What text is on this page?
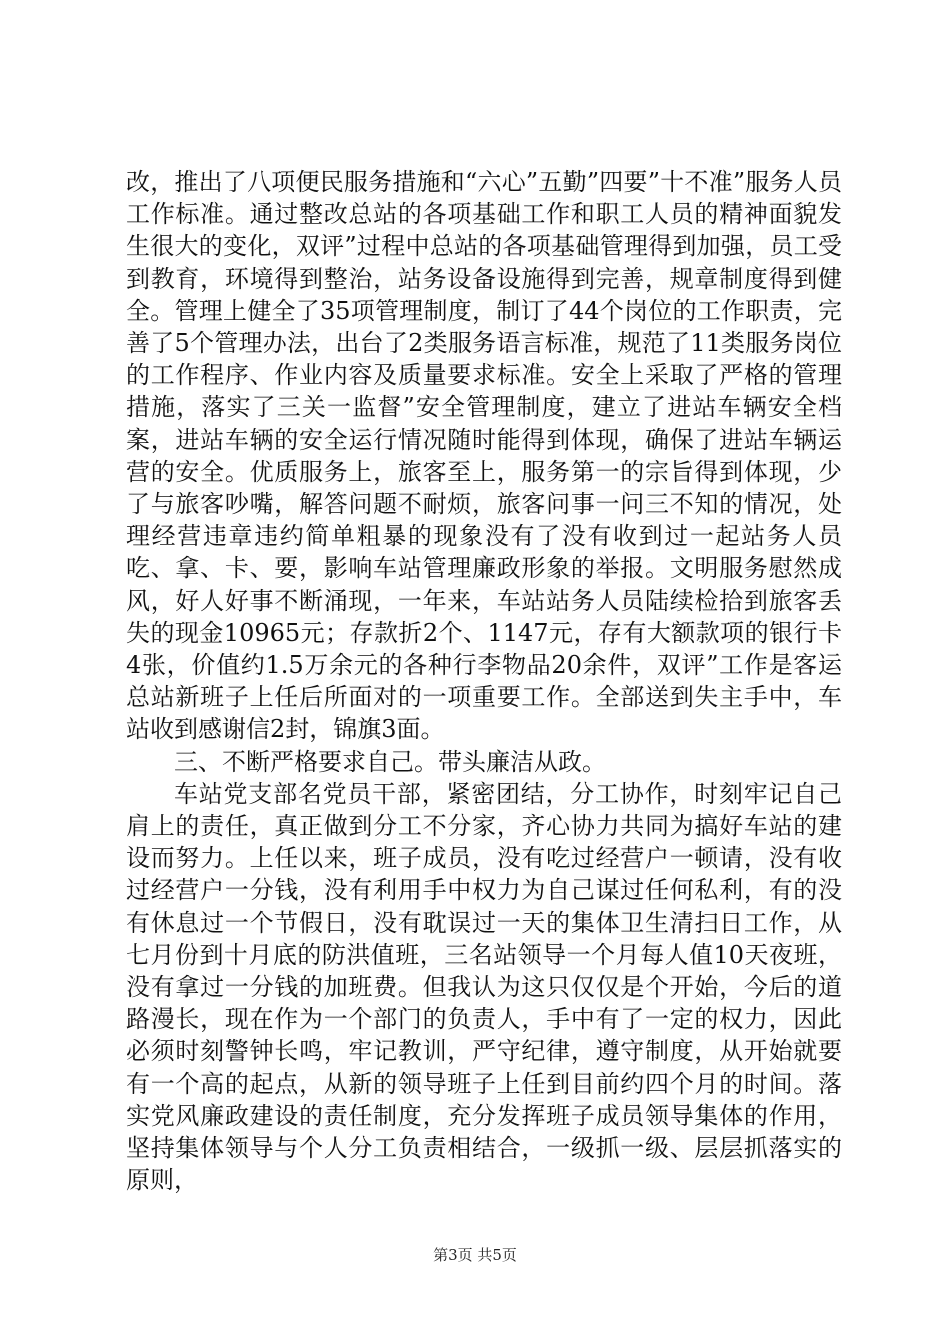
改，推出了八项便民服务措施和“六心”五勤”四要”十不准”服务人员工作标准。通过整改总站的各项基础工作和职工人员的精神面貌发生很大的变化，双评”过程中总站的各项基础管理得到加强，员工受到教育，环境得到整治，站务设备设施得到完善，规章制度得到健全。管理上健全了35项管理制度，制订了44个岗位的工作职责，完善了5个管理办法，出台了2类服务语言标准，规范了11类服务岗位的工作程序、作业内容及质量要求标准。安全上采取了严格的管理措施，落实了三关一监督”安全管理制度，建立了进站车辆安全档案，进站车辆的安全运行情况随时能得到体现，确保了进站车辆运营的安全。优质服务上，旅客至上，服务第一的宗旨得到体现，少了与旅客吵嘴，解答问题不耐烦，旅客问事一问三不知的情况，处理经营违章违约简单粗暴的现象没有了没有收到过一起站务人员吃、拿、卡、要，影响车站管理廉政形象的举报。文明服务慰然成风，好人好事不断涌现，一年来，车站站务人员陆续检拾到旅客丢失的现金10965元；存款折2个、1147元，存有大额款项的银行卡4张，价值约1.5万余元的各种行李物品20余件，双评”工作是客运总站新班子上任后所面对的一项重要工作。全部送到失主手中，车站收到感谢信2封，锦旗3面。

三、不断严格要求自己。带头廉洁从政。

车站党支部名党员干部，紧密团结，分工协作，时刻牢记自己肩上的责任，真正做到分工不分家，齐心协力共同为搞好车站的建设而努力。上任以来，班子成员，没有吃过经营户一顿请，没有收过经营户一分钱，没有利用手中权力为自己谋过任何私利，有的没有休息过一个节假日，没有耽误过一天的集体卫生清扫日工作，从七月份到十月底的防洪值班，三名站领导一个月每人值10天夜班，没有拿过一分钱的加班费。但我认为这只仅仅是个开始，今后的道路漫长，现在作为一个部门的负责人，手中有了一定的权力，因此必须时刻警钟长鸣，牢记教训，严守纪律，遵守制度，从开始就要有一个高的起点，从新的领导班子上任到目前约四个月的时间。落实党风廉政建设的责任制度，充分发挥班子成员领导集体的作用，坚持集体领导与个人分工负责相结合，一级抓一级、层层抓落实的原则，

第3页 共5页
